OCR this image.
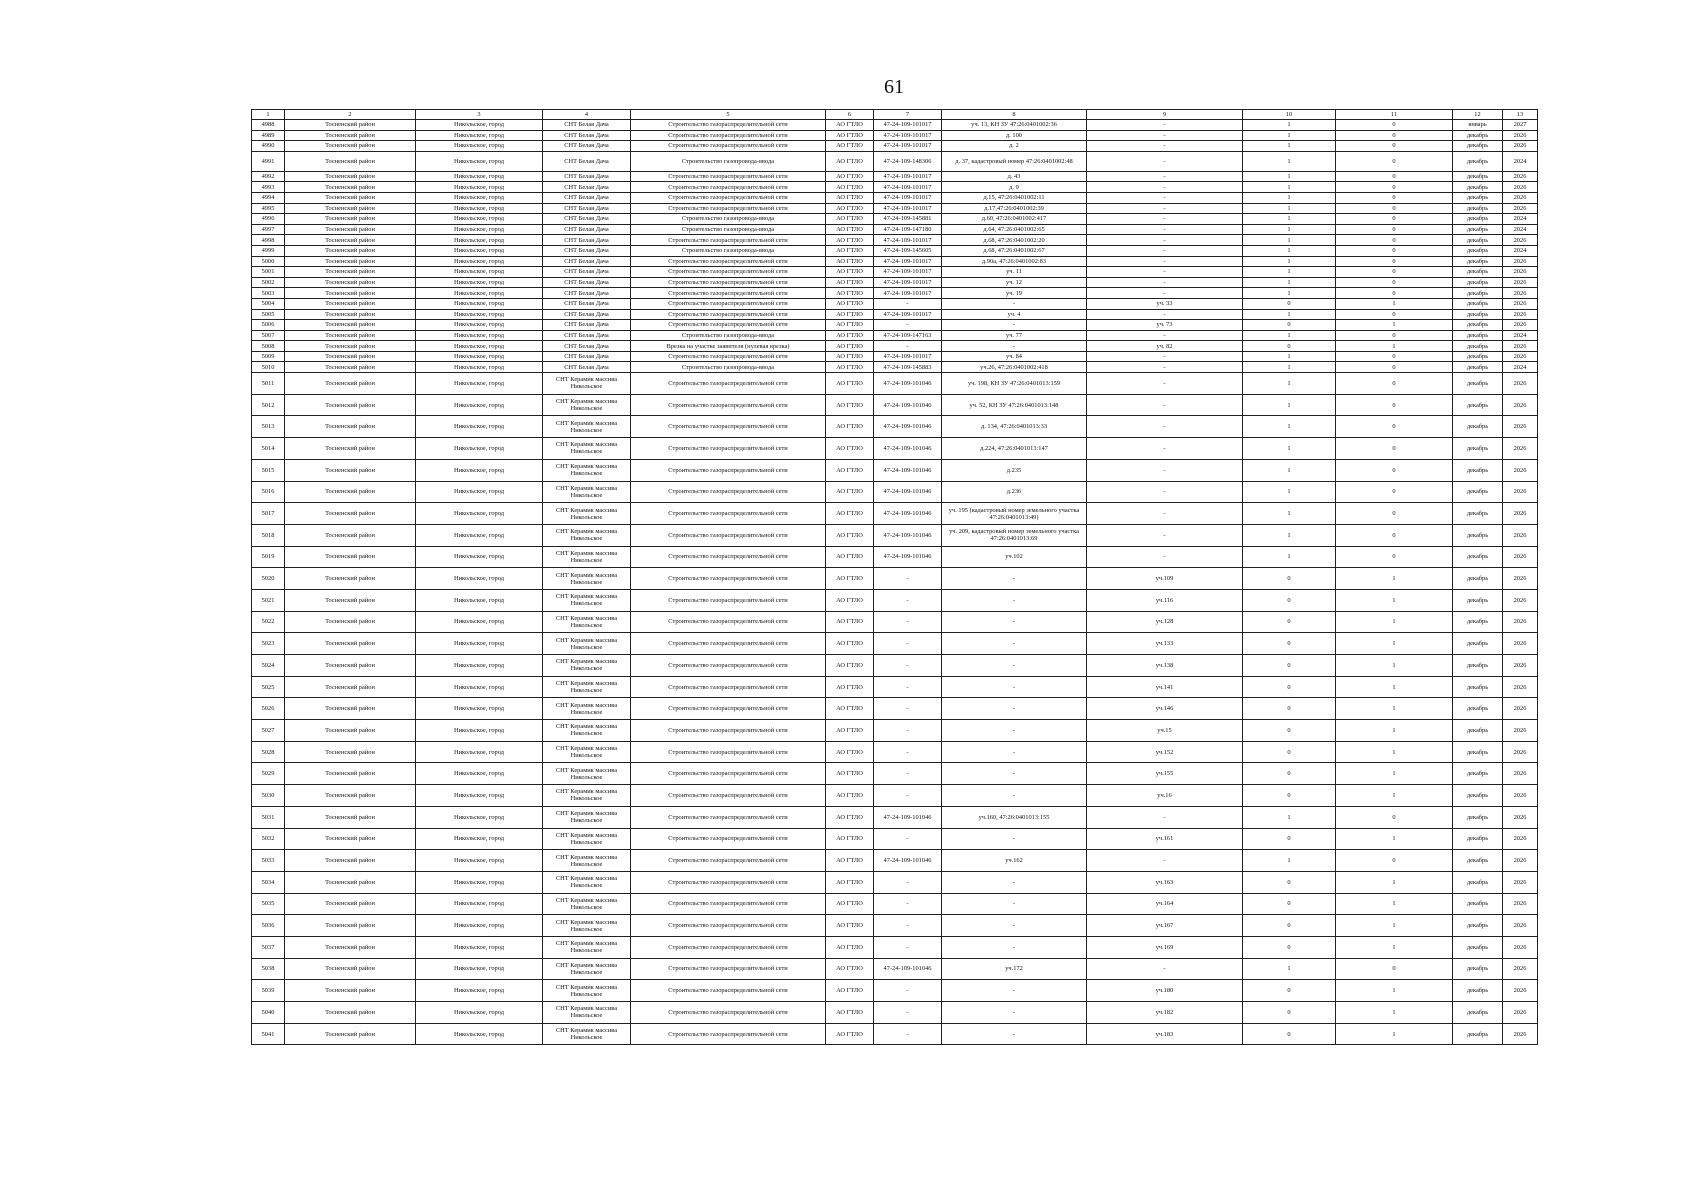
61
1	2	3	4	5	6	7	8	9	10	11	12	13
4988	Тосненский район	Никольское, город	СНТ Белая Дача	Строительство газораспределительной сети	АО ГТЛО	47-24-109-101017	уч. 13, КН ЗУ 47:26:0401002:36	-	1	0	январь	2027
4989	Тосненский район	Никольское, город	СНТ Белая Дача	Строительство газораспределительной сети	АО ГТЛО	47-24-109-101017	д. 100	-	1	0	декабрь	2026
4990	Тосненский район	Никольское, город	СНТ Белая Дача	Строительство газораспределительной сети	АО ГТЛО	47-24-109-101017	д. 2	-	1	0	декабрь	2026
4991	Тосненский район	Никольское, город	СНТ Белая Дача	Строительство газопровода-ввода	АО ГТЛО	47-24-109-148306	д. 37, кадастровый номер 47:26:0401002:48	-	1	0	декабрь	2024
4992	Тосненский район	Никольское, город	СНТ Белая Дача	Строительство газораспределительной сети	АО ГТЛО	47-24-109-101017	д. 43	-	1	0	декабрь	2026
4993	Тосненский район	Никольское, город	СНТ Белая Дача	Строительство газораспределительной сети	АО ГТЛО	47-24-109-101017	д. 9	-	1	0	декабрь	2026
4994	Тосненский район	Никольское, город	СНТ Белая Дача	Строительство газораспределительной сети	АО ГТЛО	47-24-109-101017	д.15, 47:26:0401002:11	-	1	0	декабрь	2026
4995	Тосненский район	Никольское, город	СНТ Белая Дача	Строительство газораспределительной сети	АО ГТЛО	47-24-109-101017	д.17,47:26:0401002:39	-	1	0	декабрь	2026
4996	Тосненский район	Никольское, город	СНТ Белая Дача	Строительство газопровода-ввода	АО ГТЛО	47-24-109-145881	д.60, 47:26:0401002:417	-	1	0	декабрь	2024
4997	Тосненский район	Никольское, город	СНТ Белая Дача	Строительство газопровода-ввода	АО ГТЛО	47-24-109-147180	д.64, 47:26:0401002:65	-	1	0	декабрь	2024
4998	Тосненский район	Никольское, город	СНТ Белая Дача	Строительство газораспределительной сети	АО ГТЛО	47-24-109-101017	д.68, 47:26:0401002:20	-	1	0	декабрь	2026
4999	Тосненский район	Никольское, город	СНТ Белая Дача	Строительство газопровода-ввода	АО ГТЛО	47-24-109-145605	д.68, 47:26:0401002:67	-	1	0	декабрь	2024
5000	Тосненский район	Никольское, город	СНТ Белая Дача	Строительство газораспределительной сети	АО ГТЛО	47-24-109-101017	д.90а, 47:26:0401002:83	-	1	0	декабрь	2026
5001	Тосненский район	Никольское, город	СНТ Белая Дача	Строительство газораспределительной сети	АО ГТЛО	47-24-109-101017	уч. 11	-	1	0	декабрь	2026
5002	Тосненский район	Никольское, город	СНТ Белая Дача	Строительство газораспределительной сети	АО ГТЛО	47-24-109-101017	уч. 12	-	1	0	декабрь	2026
5003	Тосненский район	Никольское, город	СНТ Белая Дача	Строительство газораспределительной сети	АО ГТЛО	47-24-109-101017	уч. 19	-	1	0	декабрь	2026
5004	Тосненский район	Никольское, город	СНТ Белая Дача	Строительство газораспределительной сети	АО ГТЛО	-	-	уч. 33	0	1	декабрь	2026
5005	Тосненский район	Никольское, город	СНТ Белая Дача	Строительство газораспределительной сети	АО ГТЛО	47-24-109-101017	уч. 4	-	1	0	декабрь	2026
5006	Тосненский район	Никольское, город	СНТ Белая Дача	Строительство газораспределительной сети	АО ГТЛО	-	-	уч. 73	0	1	декабрь	2026
5007	Тосненский район	Никольское, город	СНТ Белая Дача	Строительство газопровода-ввода	АО ГТЛО	47-24-109-147163	уч. 77	-	1	0	декабрь	2024
5008	Тосненский район	Никольское, город	СНТ Белая Дача	Врезка на участке заявителя (нулевая врезка)	АО ГТЛО	-	-	уч. 82	0	1	декабрь	2026
5009	Тосненский район	Никольское, город	СНТ Белая Дача	Строительство газораспределительной сети	АО ГТЛО	47-24-109-101017	уч. 84	-	1	0	декабрь	2026
5010	Тосненский район	Никольское, город	СНТ Белая Дача	Строительство газопровода-ввода	АО ГТЛО	47-24-109-145883	уч.26, 47:26:0401002:418	-	1	0	декабрь	2024
5011	Тосненский район	Никольское, город	СНТ Керамик массива Никольское	Строительство газораспределительной сети	АО ГТЛО	47-24-109-101046	уч. 198, КН ЗУ 47:26:0401013:159	-	1	0	декабрь	2026
5012	Тосненский район	Никольское, город	СНТ Керамик массива Никольское	Строительство газораспределительной сети	АО ГТЛО	47-24-109-101046	уч. 52, КН ЗУ 47:26:0401013:148	-	1	0	декабрь	2026
5013	Тосненский район	Никольское, город	СНТ Керамик массива Никольское	Строительство газораспределительной сети	АО ГТЛО	47-24-109-101046	д. 134, 47:26:0401013:33	-	1	0	декабрь	2026
5014	Тосненский район	Никольское, город	СНТ Керамик массива Никольское	Строительство газораспределительной сети	АО ГТЛО	47-24-109-101046	д.224, 47:26:0401013:147	-	1	0	декабрь	2026
5015	Тосненский район	Никольское, город	СНТ Керамик массива Никольское	Строительство газораспределительной сети	АО ГТЛО	47-24-109-101046	д.235	-	1	0	декабрь	2026
5016	Тосненский район	Никольское, город	СНТ Керамик массива Никольское	Строительство газораспределительной сети	АО ГТЛО	47-24-109-101046	д.236	-	1	0	декабрь	2026
5017	Тосненский район	Никольское, город	СНТ Керамик массива Никольское	Строительство газораспределительной сети	АО ГТЛО	47-24-109-101046	уч. 195 (кадастровый номер земельного участка 47:26:0401013:49)	-	1	0	декабрь	2026
5018	Тосненский район	Никольское, город	СНТ Керамик массива Никольское	Строительство газораспределительной сети	АО ГТЛО	47-24-109-101046	уч. 209, кадастровый номер земельного участка 47:26:0401013:69	-	1	0	декабрь	2026
5019	Тосненский район	Никольское, город	СНТ Керамик массива Никольское	Строительство газораспределительной сети	АО ГТЛО	47-24-109-101046	уч.102	-	1	0	декабрь	2026
5020	Тосненский район	Никольское, город	СНТ Керамик массива Никольское	Строительство газораспределительной сети	АО ГТЛО	-	-	уч.109	0	1	декабрь	2026
5021	Тосненский район	Никольское, город	СНТ Керамик массива Никольское	Строительство газораспределительной сети	АО ГТЛО	-	-	уч.116	0	1	декабрь	2026
5022	Тосненский район	Никольское, город	СНТ Керамик массива Никольское	Строительство газораспределительной сети	АО ГТЛО	-	-	уч.128	0	1	декабрь	2026
5023	Тосненский район	Никольское, город	СНТ Керамик массива Никольское	Строительство газораспределительной сети	АО ГТЛО	-	-	уч.133	0	1	декабрь	2026
5024	Тосненский район	Никольское, город	СНТ Керамик массива Никольское	Строительство газораспределительной сети	АО ГТЛО	-	-	уч.138	0	1	декабрь	2026
5025	Тосненский район	Никольское, город	СНТ Керамик массива Никольское	Строительство газораспределительной сети	АО ГТЛО	-	-	уч.141	0	1	декабрь	2026
5026	Тосненский район	Никольское, город	СНТ Керамик массива Никольское	Строительство газораспределительной сети	АО ГТЛО	-	-	уч.146	0	1	декабрь	2026
5027	Тосненский район	Никольское, город	СНТ Керамик массива Никольское	Строительство газораспределительной сети	АО ГТЛО	-	-	уч.15	0	1	декабрь	2026
5028	Тосненский район	Никольское, город	СНТ Керамик массива Никольское	Строительство газораспределительной сети	АО ГТЛО	-	-	уч.152	0	1	декабрь	2026
5029	Тосненский район	Никольское, город	СНТ Керамик массива Никольское	Строительство газораспределительной сети	АО ГТЛО	-	-	уч.155	0	1	декабрь	2026
5030	Тосненский район	Никольское, город	СНТ Керамик массива Никольское	Строительство газораспределительной сети	АО ГТЛО	-	-	уч.16	0	1	декабрь	2026
5031	Тосненский район	Никольское, город	СНТ Керамик массива Никольское	Строительство газораспределительной сети	АО ГТЛО	47-24-109-101046	уч.160, 47:26:0401013:155	-	1	0	декабрь	2026
5032	Тосненский район	Никольское, город	СНТ Керамик массива Никольское	Строительство газораспределительной сети	АО ГТЛО	-	-	уч.161	0	1	декабрь	2026
5033	Тосненский район	Никольское, город	СНТ Керамик массива Никольское	Строительство газораспределительной сети	АО ГТЛО	47-24-109-101046	уч.162	-	1	0	декабрь	2026
5034	Тосненский район	Никольское, город	СНТ Керамик массива Никольское	Строительство газораспределительной сети	АО ГТЛО	-	-	уч.163	0	1	декабрь	2026
5035	Тосненский район	Никольское, город	СНТ Керамик массива Никольское	Строительство газораспределительной сети	АО ГТЛО	-	-	уч.164	0	1	декабрь	2026
5036	Тосненский район	Никольское, город	СНТ Керамик массива Никольское	Строительство газораспределительной сети	АО ГТЛО	-	-	уч.167	0	1	декабрь	2026
5037	Тосненский район	Никольское, город	СНТ Керамик массива Никольское	Строительство газораспределительной сети	АО ГТЛО	-	-	уч.169	0	1	декабрь	2026
5038	Тосненский район	Никольское, город	СНТ Керамик массива Никольское	Строительство газораспределительной сети	АО ГТЛО	47-24-109-101046	уч.172	-	1	0	декабрь	2026
5039	Тосненский район	Никольское, город	СНТ Керамик массива Никольское	Строительство газораспределительной сети	АО ГТЛО	-	-	уч.180	0	1	декабрь	2026
5040	Тосненский район	Никольское, город	СНТ Керамик массива Никольское	Строительство газораспределительной сети	АО ГТЛО	-	-	уч.182	0	1	декабрь	2026
5041	Тосненский район	Никольское, город	СНТ Керамик массива Никольское	Строительство газораспределительной сети	АО ГТЛО	-	-	уч.183	0	1	декабрь	2026
